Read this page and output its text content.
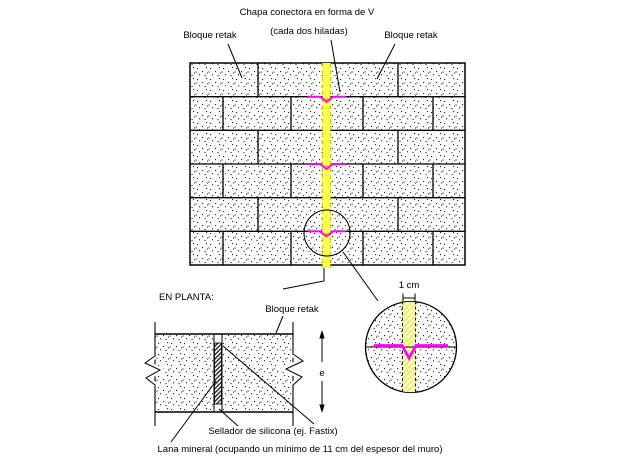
Chapa conectora en forma de V
(cada dos hiladas)
Bloque retak	Bloque retak
1 cm
EN PLANTA:
Bloque retak
e
Sellador de silicona (ej. Fastix)
Lana mineral (ocupando un mínimo de 11 cm del espesor del muro)
